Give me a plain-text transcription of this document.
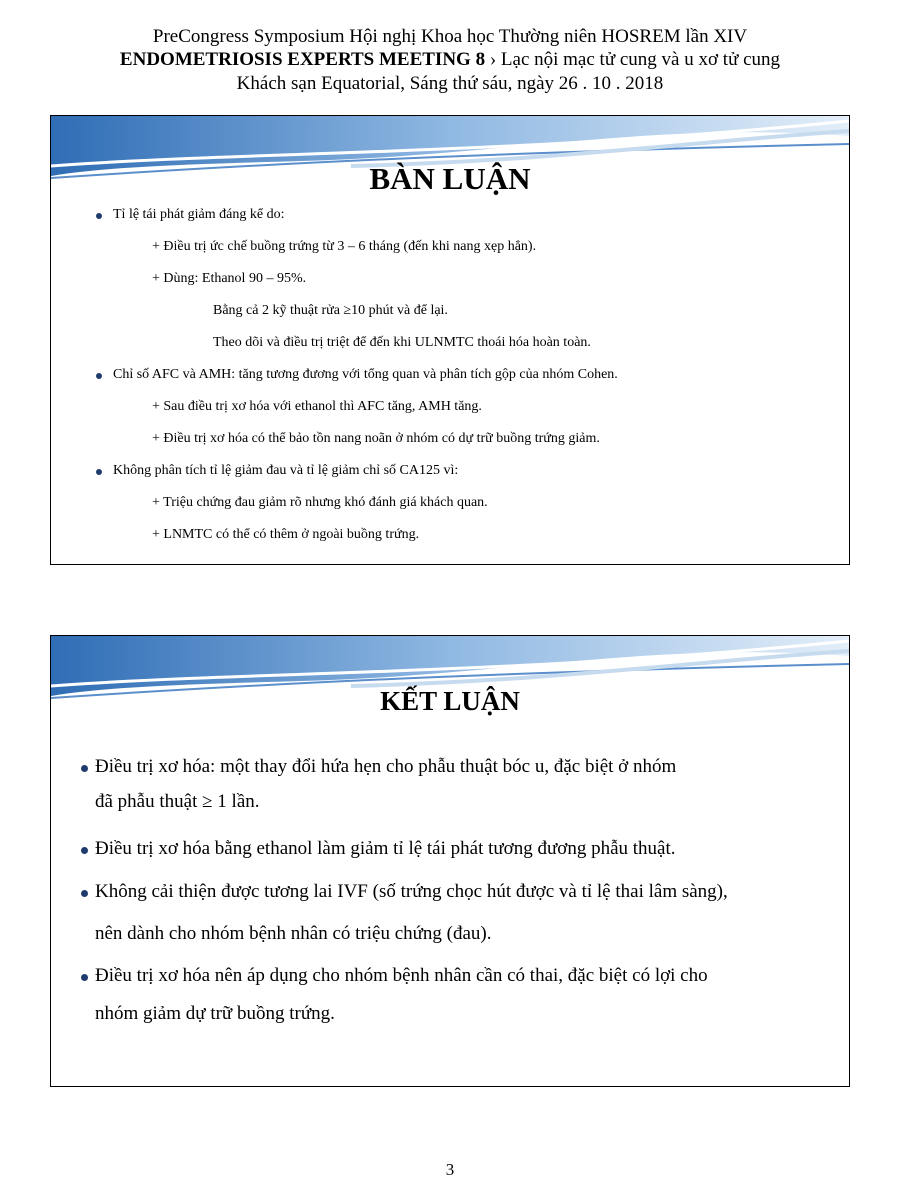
PreCongress Symposium Hội nghị Khoa học Thường niên HOSREM lần XIV
ENDOMETRIOSIS EXPERTS MEETING 8 › Lạc nội mạc tử cung và u xơ tử cung
Khách sạn Equatorial, Sáng thứ sáu, ngày 26 . 10 . 2018
BÀN LUẬN
Tỉ lệ tái phát giảm đáng kể do:
+ Điều trị ức chế buồng trứng từ 3 – 6 tháng (đến khi nang xẹp hẳn).
+ Dùng: Ethanol 90 – 95%.
Bằng cả 2 kỹ thuật rửa ≥10 phút và để lại.
Theo dõi và điều trị triệt để đến khi ULNMTC thoái hóa hoàn toàn.
Chỉ số AFC và AMH: tăng tương đương với tổng quan và phân tích gộp của nhóm Cohen.
+ Sau điều trị xơ hóa với ethanol thì AFC tăng, AMH tăng.
+ Điều trị xơ hóa có thể bảo tồn nang noãn ở nhóm có dự trữ buồng trứng giảm.
Không phân tích tỉ lệ giảm đau và tỉ lệ giảm chỉ số CA125 vì:
+ Triệu chứng đau giảm rõ nhưng khó đánh giá khách quan.
+ LNMTC có thể có thêm ở ngoài buồng trứng.
KẾT LUẬN
Điều trị xơ hóa: một thay đổi hứa hẹn cho phẫu thuật bóc u, đặc biệt ở nhóm
đã phẫu thuật ≥ 1 lần.
Điều trị xơ hóa bằng ethanol làm giảm tỉ lệ tái phát tương đương phẫu thuật.
Không cải thiện được tương lai IVF (số trứng chọc hút được và tỉ lệ thai lâm sàng),
nên dành cho nhóm bệnh nhân có triệu chứng (đau).
Điều trị xơ hóa nên áp dụng cho nhóm bệnh nhân cần có thai, đặc biệt có lợi cho
nhóm giảm dự trữ buồng trứng.
3
